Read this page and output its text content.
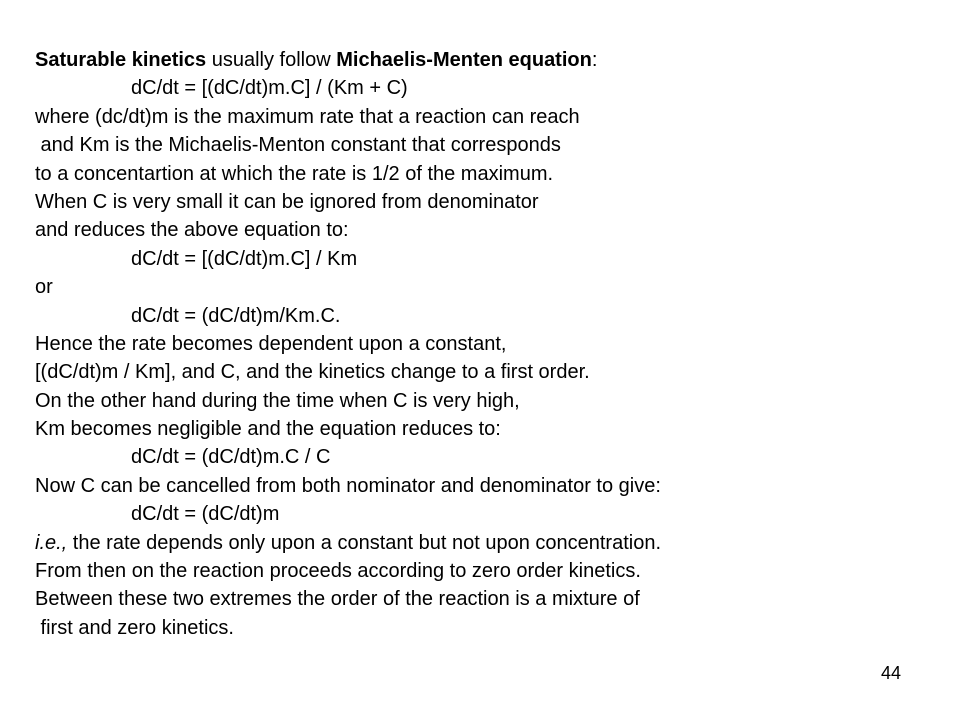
Saturable kinetics usually follow Michaelis-Menten equation:

dC/dt = [(dC/dt)m.C] / (Km + C)

where (dc/dt)m is the maximum rate that a reaction can reach

and Km is the Michaelis-Menton constant that corresponds

to a concentartion at which the rate is 1/2 of the maximum.

When C is very small it can be ignored from denominator

and reduces the above equation to:

dC/dt = [(dC/dt)m.C] / Km

or

dC/dt = (dC/dt)m/Km.C.

Hence the rate becomes dependent upon a constant,

[(dC/dt)m / Km], and C, and the kinetics change to a first order.

On the other hand during the time when C is very high,

Km becomes negligible and the equation reduces to:

dC/dt = (dC/dt)m.C / C

Now C can be cancelled from both nominator and denominator to give:

dC/dt = (dC/dt)m

i.e., the rate depends only upon a constant but not upon concentration.

From then on the reaction proceeds according to zero order kinetics.

Between these two extremes the order of the reaction is a mixture of

first and zero kinetics.

44
